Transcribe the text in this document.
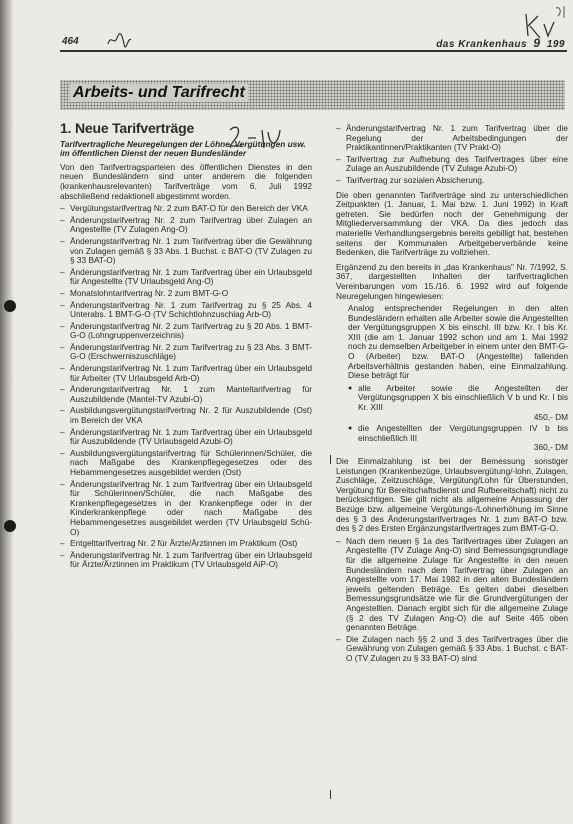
464	das Krankenhaus 9 199
Arbeits- und Tarifrecht
1. Neue Tarifverträge
Tarifvertragliche Neuregelungen der Löhne, Vergütungen usw. im öffentlichen Dienst der neuen Bundesländer

Von den Tarifvertragsparteien des öffentlichen Dienstes in den neuen Bundesländern sind unter anderem die folgenden (krankenhausrelevanten) Tarifverträge vom 6. Juli 1992 abschließend redaktionell abgestimmt worden.

– Vergütungstarifvertrag Nr. 2 zum BAT-O für den Bereich der VKA
– Änderungstarifvertrag Nr. 2 zum Tarifvertrag über Zulagen an Angestellte (TV Zulagen Ang-O)
– Änderungstarifvertrag Nr. 1 zum Tarifvertrag über die Gewährung von Zulagen gemäß § 33 Abs. 1 Buchst. c BAT-O (TV Zulagen zu § 33 BAT-O)
– Änderungstarifvertrag Nr. 1 zum Tarifvertrag über ein Urlaubsgeld für Angestellte (TV Urlaubsgeld Ang-O)
– Monatslohntarifvertrag Nr. 2 zum BMT-G-O
– Änderungstarifvertrag Nr. 1 zum Tarifvertrag zu § 25 Abs. 4 Unterabs. 1 BMT-G-O (TV Schichtlohnzuschlag Arb-O)
– Änderungstarifvertrag Nr. 2 zum Tarifvertrag zu § 20 Abs. 1 BMT-G-O (Lohngruppenverzeichnis)
– Änderungstarifvertrag Nr. 2 zum Tarifvertrag zu § 23 Abs. 3 BMT-G-O (Erschwerniszuschläge)
– Änderungstarifvertrag Nr. 1 zum Tarifvertrag über ein Urlaubsgeld für Arbeiter (TV Urlaubsgeld Arb-O)
– Änderungstarifvertrag Nr. 1 zum Manteltarifvertrag für Auszubildende (Mantel-TV Azubi-O)
– Ausbildungsvergütungstarifvertrag Nr. 2 für Auszubildende (Ost) im Bereich der VKA
– Änderungstarifvertrag Nr. 1 zum Tarifvertrag über ein Urlaubsgeld für Auszubildende (TV Urlaubsgeld Azubi-O)
– Ausbildungsvergütungstarifvertrag für Schülerinnen/Schüler, die nach Maßgabe des Krankenpflegegesetzes oder des Hebammengesetzes ausgebildet werden (Ost)
– Änderungstarifvertrag Nr. 1 zum Tarifvertrag über ein Urlaubsgeld für Schülerinnen/Schüler, die nach Maßgabe des Krankenpflegegesetzes in der Krankenpflege oder in der Kinderkrankenpflege oder nach Maßgabe des Hebammengesetzes ausgebildet werden (TV Urlaubsgeld Schü-O)
– Entgelttarifvertrag Nr. 2 für Ärzte/Ärztinnen im Praktikum (Ost)
– Änderungstarifvertrag Nr. 1 zum Tarifvertrag über ein Urlaubsgeld für Ärzte/Ärztinnen im Praktikum (TV Urlaubsgeld AiP-O)
– Änderungstarifvertrag Nr. 1 zum Tarifvertrag über die Regelung der Arbeitsbedingungen der Praktikantinnen/Praktikanten (TV Prakt-O)
– Tarifvertrag zur Aufhebung des Tarifvertrages über eine Zulage an Auszubildende (TV Zulage Azubi-O)
– Tarifvertrag zur sozialen Absicherung.

Die oben genannten Tarifverträge sind zu unterschiedlichen Zeitpunkten (1. Januar, 1. Mai bzw. 1. Juni 1992) in Kraft getreten. Sie bedürfen noch der Genehmigung der Mitgliederversammlung der VKA. Da dies jedoch das materielle Verhandlungsergebnis bereits gebilligt hat, bestehen seitens der Kommunalen Arbeitgeberverbände keine Bedenken, die Tarifverträge zu vollziehen.

Ergänzend zu den bereits in „das Krankenhaus" Nr. 7/1992, S. 367, dargestellten Inhalten der tarifvertraglichen Vereinbarungen vom 15./16. 6. 1992 wird auf folgende Neuregelungen hingewiesen:

Analog entsprechender Regelungen in den alten Bundesländern erhalten alle Arbeiter sowie die Angestellten der Vergütungsgruppen X bis einschl. III bzw. Kr. I bis Kr. XIII (die am 1. Januar 1992 schon und am 1. Mai 1992 noch zu demselben Arbeitgeber in einem unter den BMT-G-O (Arbeiter) bzw. BAT-O (Angestellte) fallenden Arbeitsverhältnis gestanden haben, eine Einmalzahlung. Diese beträgt für

● alle Arbeiter sowie die Angestellten der Vergütungsgruppen X bis einschließlich V b und Kr. I bis Kr. XIII
450,- DM
● die Angestellten der Vergütungsgruppen IV b bis einschließlich III
360,- DM

Die Einmalzahlung ist bei der Bemessung sonstiger Leistungen (Krankenbezüge, Urlaubsvergütung/-lohn, Zulagen, Zuschläge, Zeitzuschläge, Vergütung/Lohn für Überstunden, Vergütung für Bereitschaftsdienst und Rufbereitschaft) nicht zu berücksichtigen. Sie gilt nicht als allgemeine Anpassung der Bezüge bzw. allgemeine Vergütungs-/Lohnerhöhung im Sinne des § 3 des Änderungstarifvertrages Nr. 1 zum BAT-O bzw. des § 2 des Ersten Ergänzungstarifvertrages zum BMT-G-O.

– Nach dem neuen § 1a des Tarifvertrages über Zulagen an Angestellte (TV Zulage Ang-O) sind Bemessungsgrundlage für die allgemeine Zulage für Angestellte in den neuen Bundesländern nach dem Tarifvertrag über Zulagen an Angestellte vom 17. Mai 1982 in den alten Bundesländern jeweils geltenden Beträge. Es gelten dabei dieselben Bemessungsgrundsätze wie für die Grundvergütungen der Angestellten. Danach ergibt sich für die allgemeine Zulage (§ 2 des TV Zulagen Ang-O) die auf Seite 465 oben genannten Beträge.
– Die Zulagen nach §§ 2 und 3 des Tarifvertrages über die Gewährung von Zulagen gemäß § 33 Abs. 1 Buchst. c BAT-O (TV Zulagen zu § 33 BAT-O) sind
